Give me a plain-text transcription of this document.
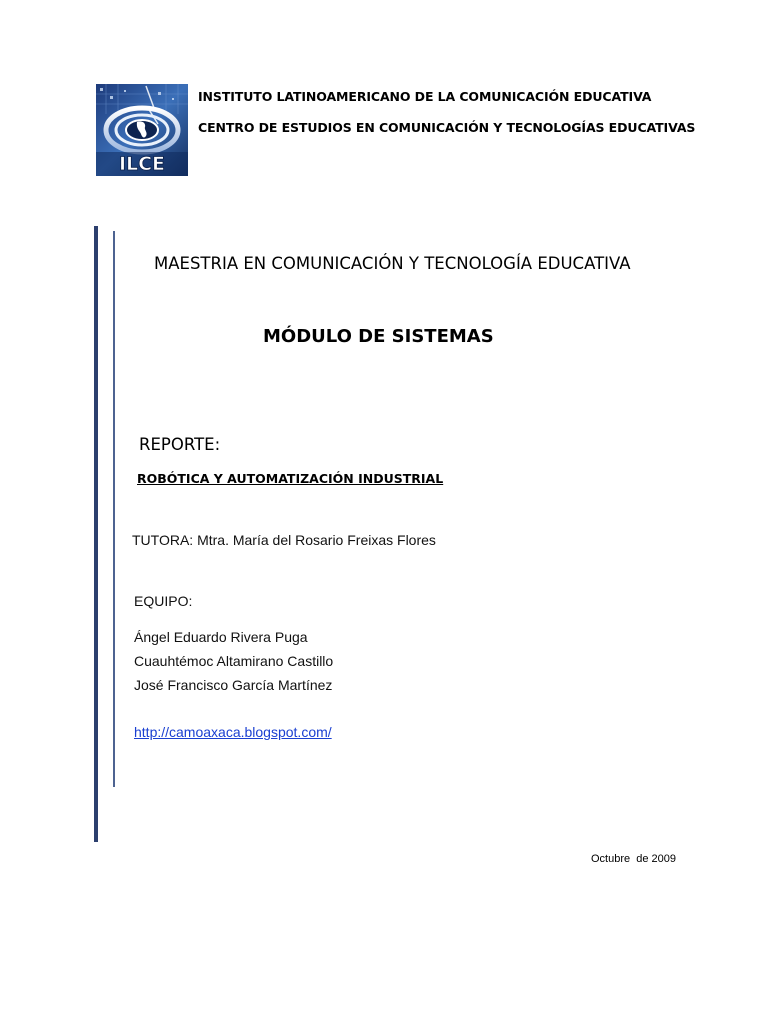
ILCE
INSTITUTO LATINOAMERICANO DE LA COMUNICACIÓN EDUCATIVA
CENTRO DE ESTUDIOS EN COMUNICACIÓN Y TECNOLOGÍAS EDUCATIVAS
MAESTRIA EN COMUNICACIÓN Y TECNOLOGÍA EDUCATIVA
MÓDULO DE SISTEMAS
REPORTE:
ROBÓTICA Y AUTOMATIZACIÓN INDUSTRIAL
TUTORA: Mtra. María del Rosario Freixas Flores
EQUIPO:
Ángel Eduardo Rivera Puga
Cuauhtémoc Altamirano Castillo
José Francisco García Martínez
http://camoaxaca.blogspot.com/
Octubre  de 2009
